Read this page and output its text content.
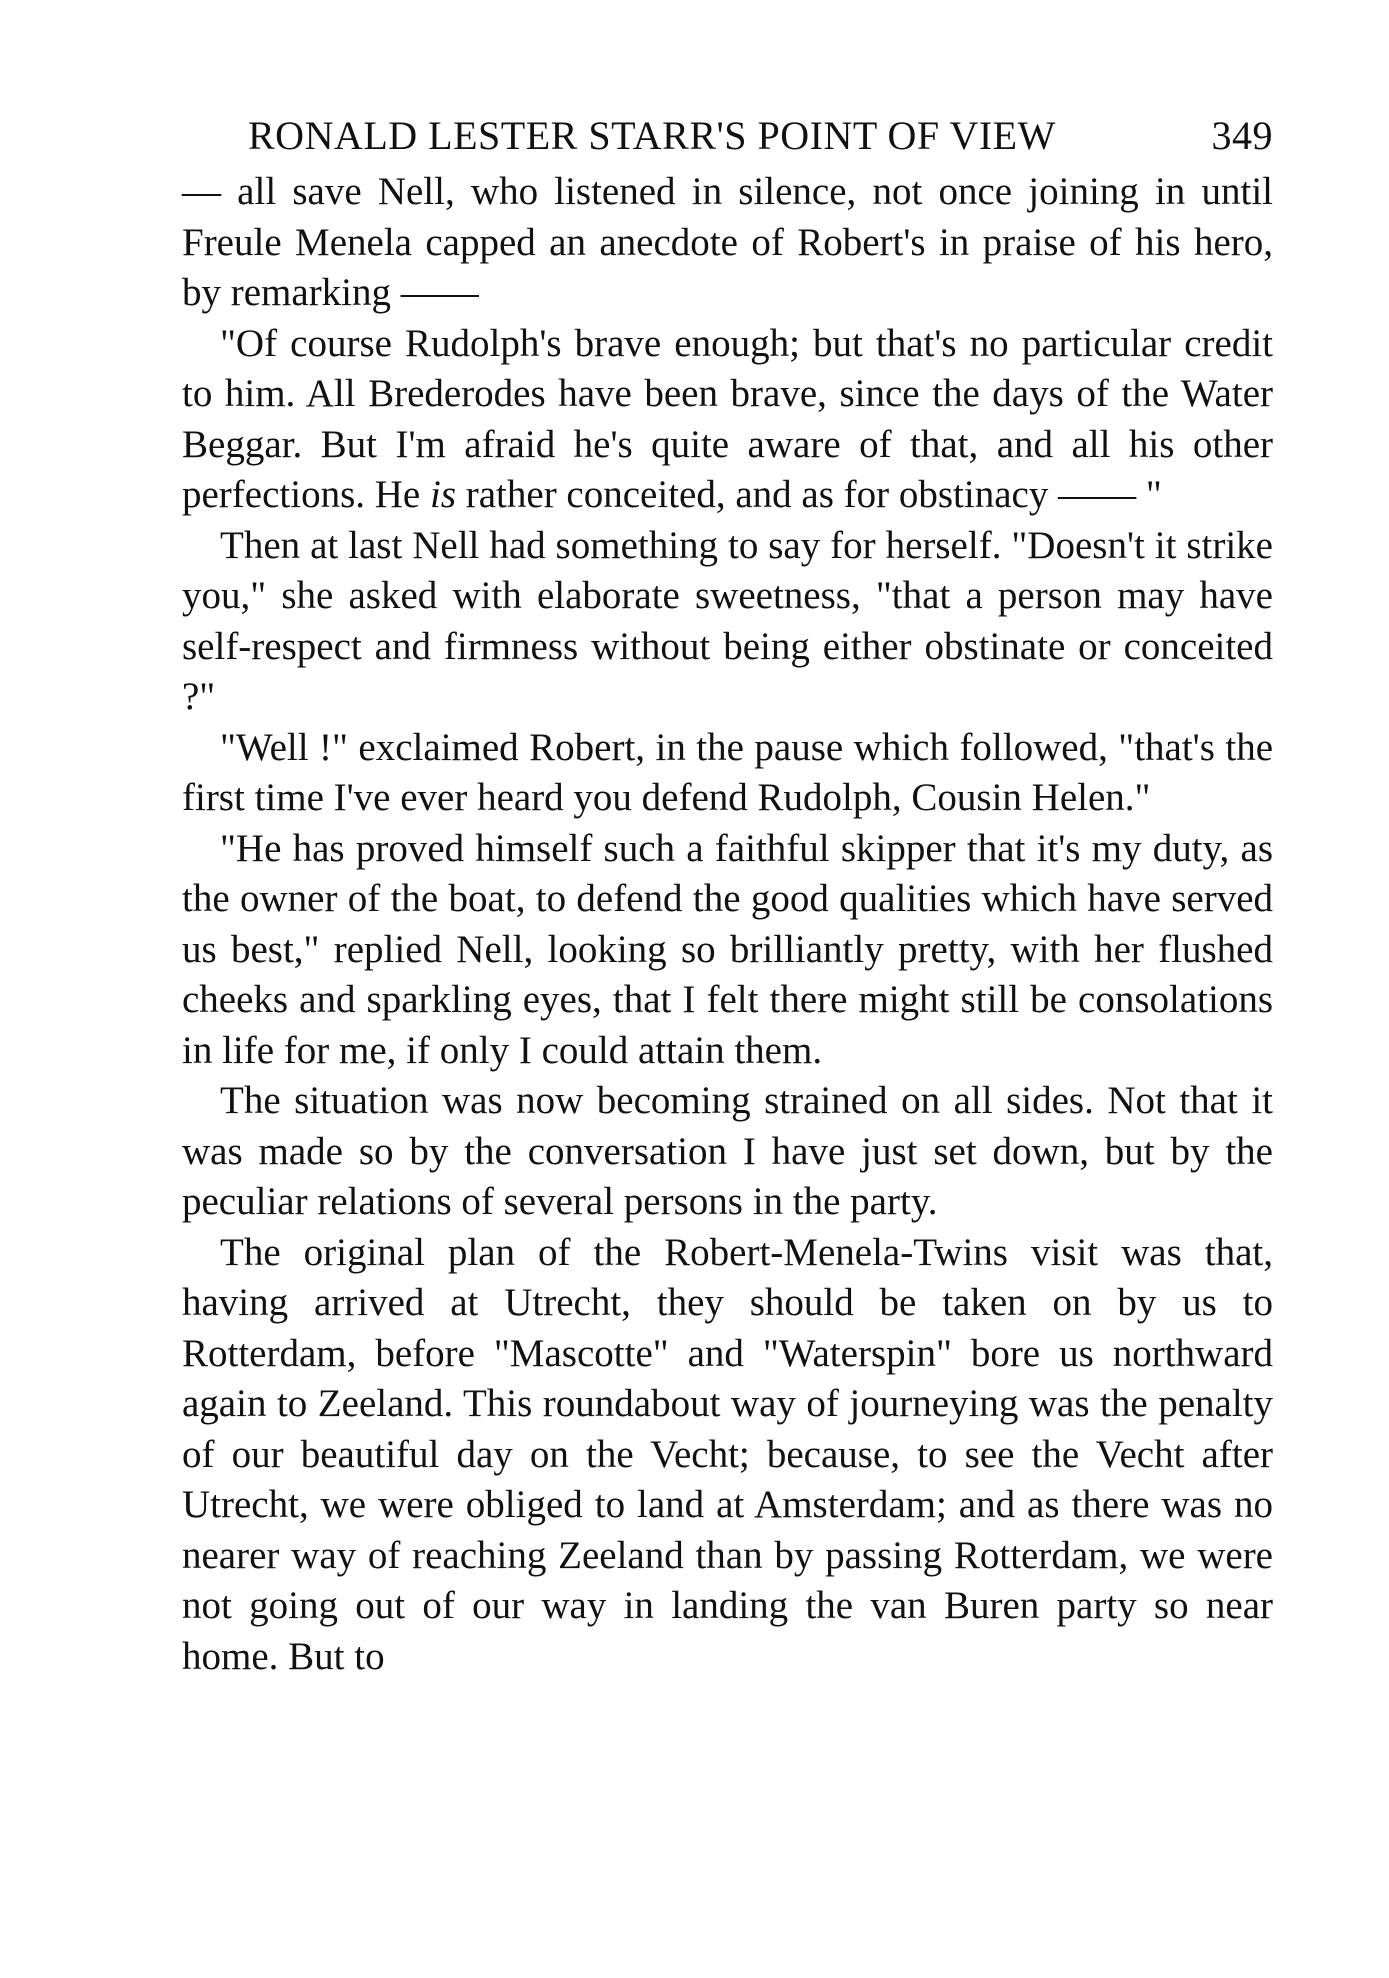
RONALD LESTER STARR'S POINT OF VIEW	349

— all save Nell, who listened in silence, not once joining in until Freule Menela capped an anecdote of Robert's in praise of his hero, by remarking ——

"Of course Rudolph's brave enough; but that's no particular credit to him. All Brederodes have been brave, since the days of the Water Beggar. But I'm afraid he's quite aware of that, and all his other perfections. He is rather conceited, and as for obstinacy —— "

Then at last Nell had something to say for herself. "Doesn't it strike you," she asked with elaborate sweetness, "that a person may have self-respect and firmness without being either obstinate or conceited ?"

"Well !" exclaimed Robert, in the pause which followed, "that's the first time I've ever heard you defend Rudolph, Cousin Helen."

"He has proved himself such a faithful skipper that it's my duty, as the owner of the boat, to defend the good qualities which have served us best," replied Nell, looking so brilliantly pretty, with her flushed cheeks and sparkling eyes, that I felt there might still be consolations in life for me, if only I could attain them.

The situation was now becoming strained on all sides. Not that it was made so by the conversation I have just set down, but by the peculiar relations of several persons in the party.

The original plan of the Robert-Menela-Twins visit was that, having arrived at Utrecht, they should be taken on by us to Rotterdam, before "Mascotte" and "Waterspin" bore us northward again to Zeeland. This roundabout way of journeying was the penalty of our beautiful day on the Vecht; because, to see the Vecht after Utrecht, we were obliged to land at Amsterdam; and as there was no nearer way of reaching Zeeland than by passing Rotterdam, we were not going out of our way in landing the van Buren party so near home. But to
